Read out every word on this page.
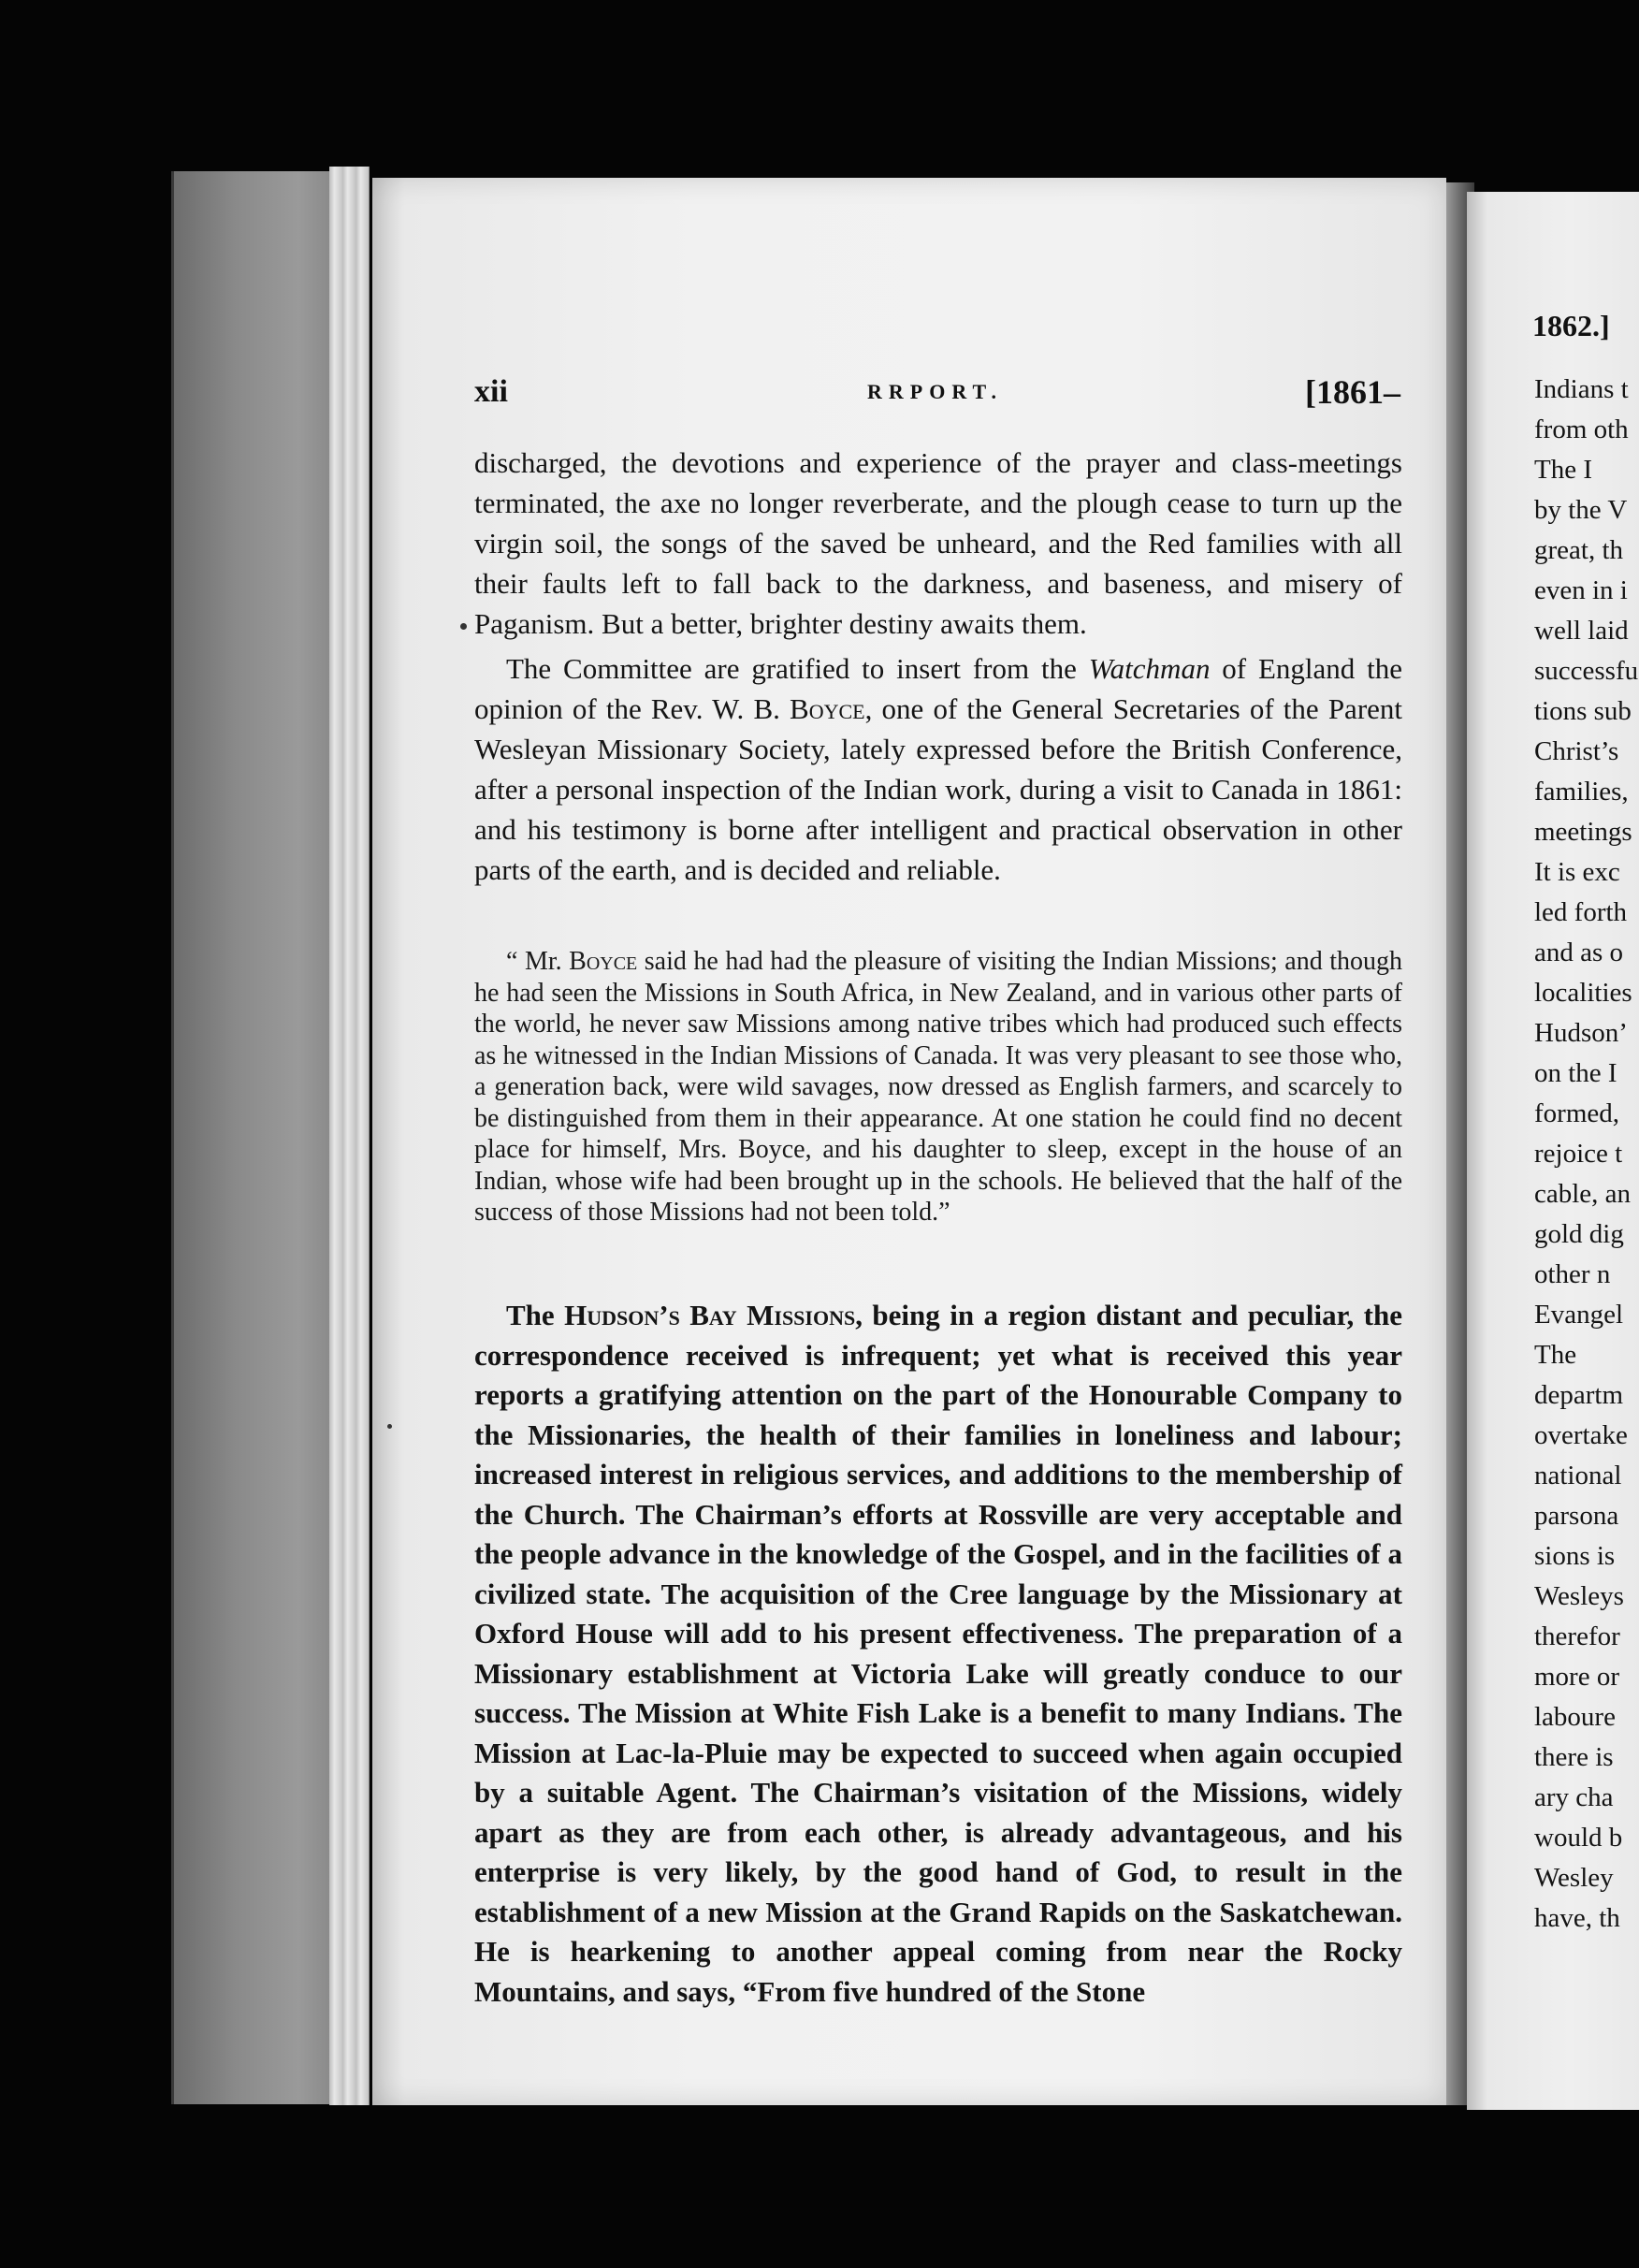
1862.]
Indians t
from oth
The I
by the V
great, th
even in i
well laid
successfu
tions sub
Christ’s
families,
meetings
It is exc
led forth
and as o
localities
Hudson’
on the I
formed,
rejoice t
cable, an
gold dig
other n
Evangel
The
departm
overtake
national
parsona
sions is
Wesleys
therefor
more or
laboure
there is
ary cha
would b
Wesley
have, th
xii	RRPORT.	[1861–

discharged, the devotions and experience of the prayer and class-meetings terminated, the axe no longer reverberate, and the plough cease to turn up the virgin soil, the songs of the saved be unheard, and the Red families with all their faults left to fall back to the darkness, and baseness, and misery of Paganism. But a better, brighter destiny awaits them.

The Committee are gratified to insert from the Watchman of England the opinion of the Rev. W. B. Boyce, one of the General Secretaries of the Parent Wesleyan Missionary Society, lately expressed before the British Conference, after a personal inspection of the Indian work, during a visit to Canada in 1861: and his testimony is borne after intelligent and practical observation in other parts of the earth, and is decided and reliable.

“ Mr. Boyce said he had had the pleasure of visiting the Indian Missions; and though he had seen the Missions in South Africa, in New Zealand, and in various other parts of the world, he never saw Missions among native tribes which had produced such effects as he witnessed in the Indian Missions of Canada. It was very pleasant to see those who, a generation back, were wild savages, now dressed as English farmers, and scarcely to be distinguished from them in their appearance. At one station he could find no decent place for himself, Mrs. Boyce, and his daughter to sleep, except in the house of an Indian, whose wife had been brought up in the schools. He believed that the half of the success of those Missions had not been told.”

The Hudson’s Bay Missions, being in a region distant and peculiar, the correspondence received is infrequent; yet what is received this year reports a gratifying attention on the part of the Honourable Company to the Missionaries, the health of their families in loneliness and labour; increased interest in religious services, and additions to the membership of the Church. The Chairman’s efforts at Rossville are very acceptable and the people advance in the knowledge of the Gospel, and in the facilities of a civilized state. The acquisition of the Cree language by the Missionary at Oxford House will add to his present effectiveness. The preparation of a Missionary establishment at Victoria Lake will greatly conduce to our success. The Mission at White Fish Lake is a benefit to many Indians. The Mission at Lac-la-Pluie may be expected to succeed when again occupied by a suitable Agent. The Chairman’s visitation of the Missions, widely apart as they are from each other, is already advantageous, and his enterprise is very likely, by the good hand of God, to result in the establishment of a new Mission at the Grand Rapids on the Saskatchewan. He is hearkening to another appeal coming from near the Rocky Mountains, and says, “From five hundred of the Stone
